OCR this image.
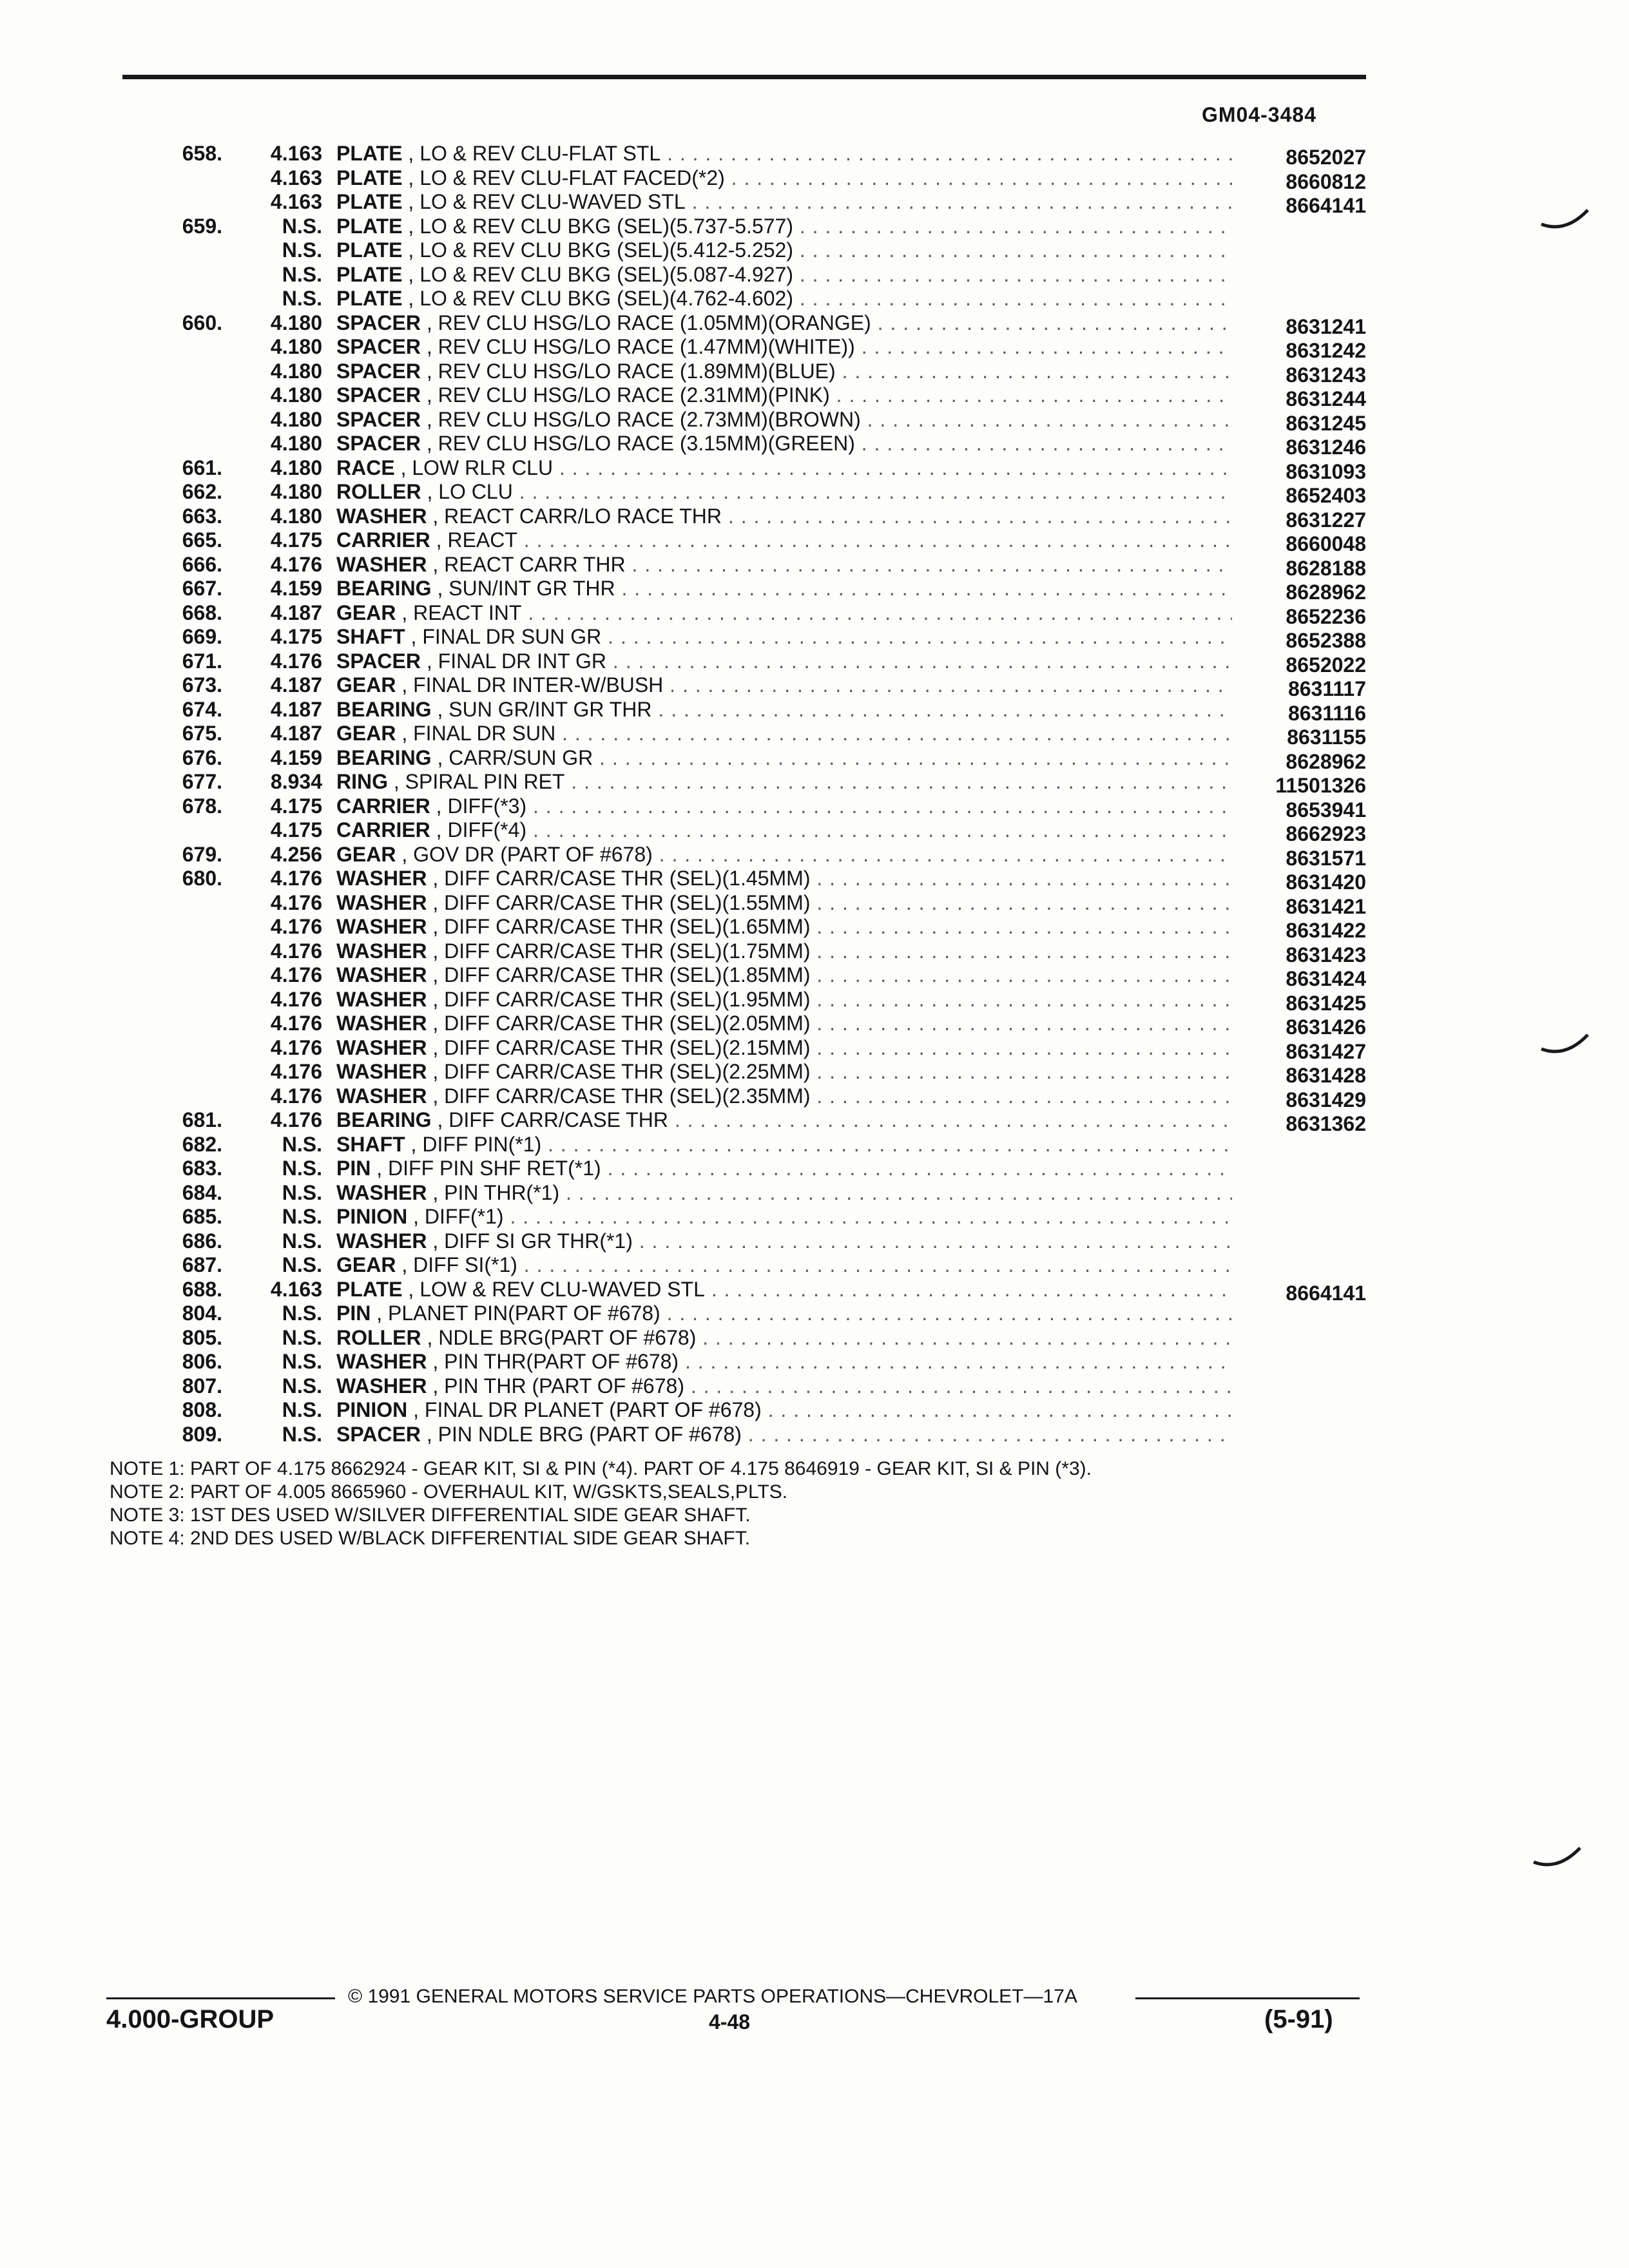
GM04-3484
658.	4.163 PLATE , LO & REV CLU-FLAT STL . . .	8652027
4.163 PLATE , LO & REV CLU-FLAT FACED(*2) . . .	8660812
4.163 PLATE , LO & REV CLU-WAVED STL . . .	8664141
659.	N.S. PLATE , LO & REV CLU BKG (SEL)(5.737-5.577) . . .
N.S. PLATE , LO & REV CLU BKG (SEL)(5.412-5.252) . . .
N.S. PLATE , LO & REV CLU BKG (SEL)(5.087-4.927) . . .
N.S. PLATE , LO & REV CLU BKG (SEL)(4.762-4.602) . . .
660.	4.180 SPACER , REV CLU HSG/LO RACE (1.05MM)(ORANGE) . . .	8631241
4.180 SPACER , REV CLU HSG/LO RACE (1.47MM)(WHITE)) . . .	8631242
4.180 SPACER , REV CLU HSG/LO RACE (1.89MM)(BLUE) . . .	8631243
4.180 SPACER , REV CLU HSG/LO RACE (2.31MM)(PINK) . . .	8631244
4.180 SPACER , REV CLU HSG/LO RACE (2.73MM)(BROWN) . . .	8631245
4.180 SPACER , REV CLU HSG/LO RACE (3.15MM)(GREEN) . . .	8631246
661.	4.180 RACE , LOW RLR CLU . . .	8631093
662.	4.180 ROLLER , LO CLU . . .	8652403
663.	4.180 WASHER , REACT CARR/LO RACE THR . . .	8631227
665.	4.175 CARRIER , REACT . . .	8660048
666.	4.176 WASHER , REACT CARR THR . . .	8628188
667.	4.159 BEARING , SUN/INT GR THR . . .	8628962
668.	4.187 GEAR , REACT INT . . .	8652236
669.	4.175 SHAFT , FINAL DR SUN GR . . .	8652388
671.	4.176 SPACER , FINAL DR INT GR . . .	8652022
673.	4.187 GEAR , FINAL DR INTER-W/BUSH . . .	8631117
674.	4.187 BEARING , SUN GR/INT GR THR . . .	8631116
675.	4.187 GEAR , FINAL DR SUN . . .	8631155
676.	4.159 BEARING , CARR/SUN GR . . .	8628962
677.	8.934 RING , SPIRAL PIN RET . . .	11501326
678.	4.175 CARRIER , DIFF(*3) . . .	8653941
4.175 CARRIER , DIFF(*4) . . .	8662923
679.	4.256 GEAR , GOV DR (PART OF #678) . . .	8631571
680.	4.176 WASHER , DIFF CARR/CASE THR (SEL)(1.45MM) . . .	8631420
4.176 WASHER , DIFF CARR/CASE THR (SEL)(1.55MM) . . .	8631421
4.176 WASHER , DIFF CARR/CASE THR (SEL)(1.65MM) . . .	8631422
4.176 WASHER , DIFF CARR/CASE THR (SEL)(1.75MM) . . .	8631423
4.176 WASHER , DIFF CARR/CASE THR (SEL)(1.85MM) . . .	8631424
4.176 WASHER , DIFF CARR/CASE THR (SEL)(1.95MM) . . .	8631425
4.176 WASHER , DIFF CARR/CASE THR (SEL)(2.05MM) . . .	8631426
4.176 WASHER , DIFF CARR/CASE THR (SEL)(2.15MM) . . .	8631427
4.176 WASHER , DIFF CARR/CASE THR (SEL)(2.25MM) . . .	8631428
4.176 WASHER , DIFF CARR/CASE THR (SEL)(2.35MM) . . .	8631429
681.	4.176 BEARING , DIFF CARR/CASE THR . . .	8631362
682.	N.S. SHAFT , DIFF PIN(*1) . . .
683.	N.S. PIN , DIFF PIN SHF RET(*1) . . .
684.	N.S. WASHER , PIN THR(*1) . . .
685.	N.S. PINION , DIFF(*1) . . .
686.	N.S. WASHER , DIFF SI GR THR(*1) . . .
687.	N.S. GEAR , DIFF SI(*1) . . .
688.	4.163 PLATE , LOW & REV CLU-WAVED STL . . .	8664141
804.	N.S. PIN , PLANET PIN(PART OF #678) . . .
805.	N.S. ROLLER , NDLE BRG(PART OF #678) . . .
806.	N.S. WASHER , PIN THR(PART OF #678) . . .
807.	N.S. WASHER , PIN THR (PART OF #678) . . .
808.	N.S. PINION , FINAL DR PLANET (PART OF #678) . . .
809.	N.S. SPACER , PIN NDLE BRG (PART OF #678) . . .
NOTE 1: PART OF 4.175 8662924 - GEAR KIT, SI & PIN (*4). PART OF 4.175 8646919 - GEAR KIT, SI & PIN (*3).
NOTE 2: PART OF 4.005 8665960 - OVERHAUL KIT, W/GSKTS,SEALS,PLTS.
NOTE 3: 1ST DES USED W/SILVER DIFFERENTIAL SIDE GEAR SHAFT.
NOTE 4: 2ND DES USED W/BLACK DIFFERENTIAL SIDE GEAR SHAFT.
© 1991 GENERAL MOTORS SERVICE PARTS OPERATIONS—CHEVROLET—17A
4.000-GROUP	4-48	(5-91)
